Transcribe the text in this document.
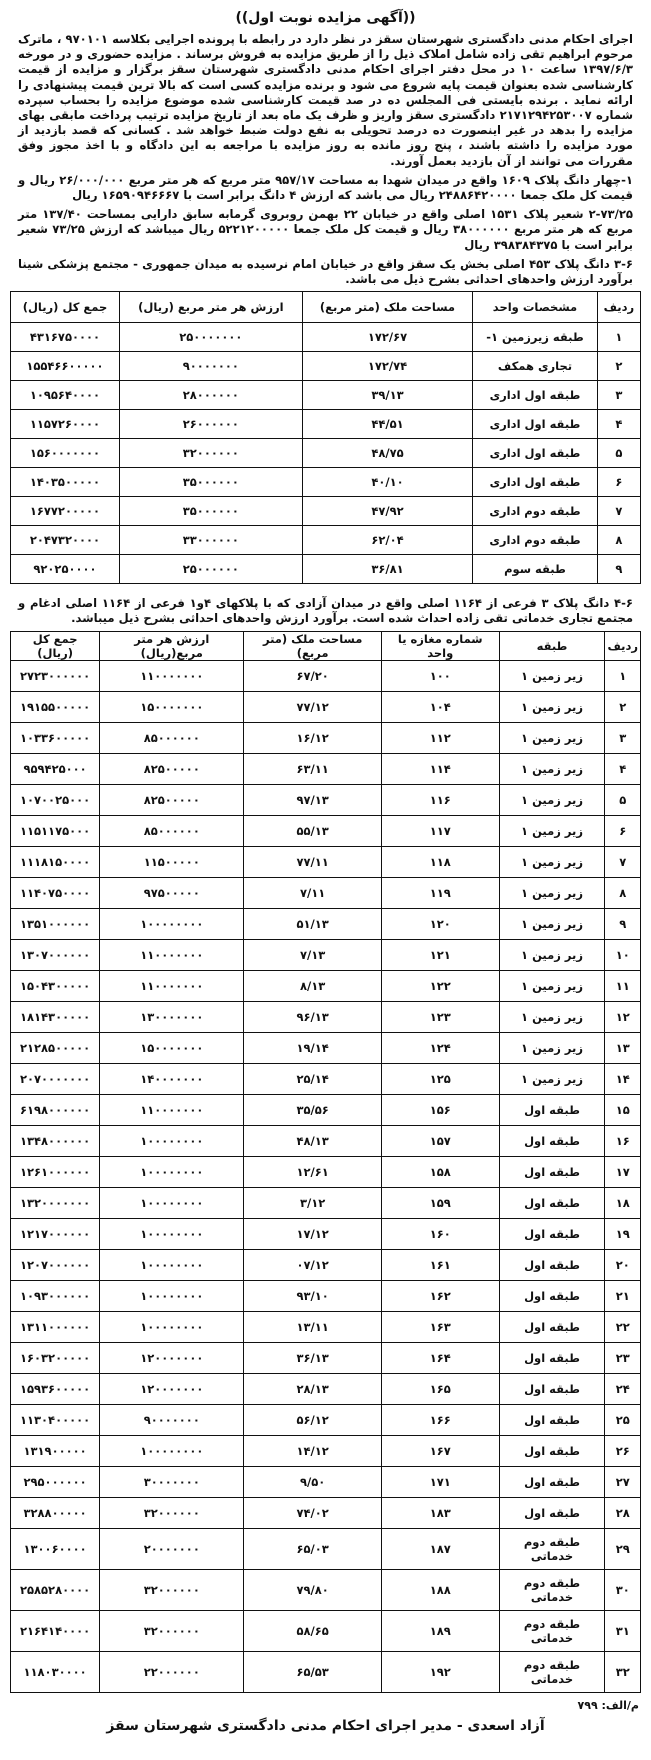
((آگهی مزایده نوبت اول))
اجرای احکام مدنی دادگستری شهرستان سقز در نظر دارد در رابطه با پرونده اجرایی بکلاسه ۹۷۰۱۰۱ ، ماترک مرحوم ابراهیم تقی زاده شامل املاک ذیل را از طریق مزایده به فروش برساند . مزایده حضوری و در مورخه ۱۳۹۷/۶/۳ ساعت ۱۰ در محل دفتر اجرای احکام مدنی دادگستری شهرستان سقز برگزار و مزایده از قیمت کارشناسی شده بعنوان قیمت پایه شروع می شود و برنده مزایده کسی است که بالا ترین قیمت پیشنهادی را ارائه نماید . برنده بایستی فی المجلس ده در صد قیمت کارشناسی شده موضوع مزایده را بحساب سپرده شماره ۲۱۷۱۲۹۴۲۵۳۰۰۷ دادگستری سقز واریز و ظرف یک ماه بعد از تاریخ مزایده ترتیب پرداخت مابقی بهای مزایده را بدهد در غیر اینصورت ده درصد تحویلی به نفع دولت ضبط خواهد شد . کسانی که قصد بازدید از مورد مزایده را داشته باشند ، پنج روز مانده به روز مزایده با مراجعه به این دادگاه و با اخذ مجوز وفق مقررات می توانند از آن بازدید بعمل آورند.
۱-چهار دانگ پلاک ۱۶۰۹ واقع در میدان شهدا به مساحت ۹۵۷/۱۷ متر مربع که هر متر مربع ۲۶/۰۰۰/۰۰۰ ریال و قیمت کل ملک جمعا ۲۴۸۸۶۴۲۰۰۰۰ ریال می باشد که ارزش ۴ دانگ برابر است با ۱۶۵۹۰۹۴۶۶۶۷ ریال
۲-۷۳/۲۵ شعیر پلاک ۱۵۳۱ اصلی واقع در خیابان ۲۲ بهمن روبروی گرمابه سابق دارایی بمساحت ۱۳۷/۴۰ متر مربع که هر متر مربع ۳۸۰۰۰۰۰۰ ریال و قیمت کل ملک جمعا ۵۲۲۱۲۰۰۰۰۰ ریال میباشد که ارزش ۷۳/۲۵ شعیر برابر است با ۳۹۸۳۸۴۳۷۵ ریال
۳-۶ دانگ پلاک ۴۵۳ اصلی بخش یک سقز واقع در خیابان امام نرسیده به میدان جمهوری - مجتمع پزشکی شینا برآورد ارزش واحدهای احداثی بشرح ذیل می باشد.
ردیف	مشخصات واحد	مساحت ملک (متر مربع)	ارزش هر متر مربع (ریال)	جمع کل (ریال)
۱	طبقه زیرزمین ۱-	۱۷۲/۶۷	۲۵۰۰۰۰۰۰۰	۴۳۱۶۷۵۰۰۰۰
۲	تجاری همکف	۱۷۲/۷۴	۹۰۰۰۰۰۰۰	۱۵۵۴۶۶۰۰۰۰۰
۳	طبقه اول اداری	۳۹/۱۳	۲۸۰۰۰۰۰۰	۱۰۹۵۶۴۰۰۰۰
۴	طبقه اول اداری	۴۴/۵۱	۲۶۰۰۰۰۰۰	۱۱۵۷۲۶۰۰۰۰
۵	طبقه اول اداری	۴۸/۷۵	۳۲۰۰۰۰۰۰	۱۵۶۰۰۰۰۰۰۰
۶	طبقه اول اداری	۴۰/۱۰	۳۵۰۰۰۰۰۰	۱۴۰۳۵۰۰۰۰۰
۷	طبقه دوم اداری	۴۷/۹۲	۳۵۰۰۰۰۰۰	۱۶۷۷۲۰۰۰۰۰
۸	طبقه دوم اداری	۶۲/۰۴	۳۳۰۰۰۰۰۰	۲۰۴۷۳۲۰۰۰۰
۹	طبقه سوم	۳۶/۸۱	۲۵۰۰۰۰۰۰	۹۲۰۲۵۰۰۰۰
۴-۶ دانگ پلاک ۳ فرعی از ۱۱۶۴ اصلی واقع در میدان آزادی که با پلاکهای ۴و۱ فرعی از ۱۱۶۴ اصلی ادغام و مجتمع تجاری خدماتی تقی زاده احداث شده است. برآورد ارزش واحدهای احداثی بشرح ذیل میباشد.
ردیف	طبقه	شماره مغازه یا واحد	مساحت ملک (متر مربع)	ارزش هر متر مربع(ریال)	جمع کل (ریال)
۱	زیر زمین ۱	۱۰۰	۶۷/۲۰	۱۱۰۰۰۰۰۰۰	۲۷۲۳۰۰۰۰۰۰
۲	زیر زمین ۱	۱۰۴	۷۷/۱۲	۱۵۰۰۰۰۰۰۰	۱۹۱۵۵۰۰۰۰۰
۳	زیر زمین ۱	۱۱۲	۱۶/۱۲	۸۵۰۰۰۰۰۰	۱۰۳۳۶۰۰۰۰۰
۴	زیر زمین ۱	۱۱۴	۶۳/۱۱	۸۲۵۰۰۰۰۰	۹۵۹۴۲۵۰۰۰
۵	زیر زمین ۱	۱۱۶	۹۷/۱۳	۸۲۵۰۰۰۰۰	۱۰۷۰۰۲۵۰۰۰
۶	زیر زمین ۱	۱۱۷	۵۵/۱۳	۸۵۰۰۰۰۰۰	۱۱۵۱۱۷۵۰۰۰
۷	زیر زمین ۱	۱۱۸	۷۷/۱۱	۱۱۵۰۰۰۰۰	۱۱۱۸۱۵۰۰۰۰
۸	زیر زمین ۱	۱۱۹	۷/۱۱	۹۷۵۰۰۰۰۰	۱۱۴۰۷۵۰۰۰۰
۹	زیر زمین ۱	۱۲۰	۵۱/۱۳	۱۰۰۰۰۰۰۰۰	۱۳۵۱۰۰۰۰۰۰
۱۰	زیر زمین ۱	۱۲۱	۷/۱۳	۱۱۰۰۰۰۰۰۰	۱۳۰۷۰۰۰۰۰۰
۱۱	زیر زمین ۱	۱۲۲	۸/۱۳	۱۱۰۰۰۰۰۰۰	۱۵۰۴۳۰۰۰۰۰
۱۲	زیر زمین ۱	۱۲۳	۹۶/۱۳	۱۳۰۰۰۰۰۰۰	۱۸۱۴۳۰۰۰۰۰
۱۳	زیر زمین ۱	۱۲۴	۱۹/۱۴	۱۵۰۰۰۰۰۰۰	۲۱۲۸۵۰۰۰۰۰
۱۴	زیر زمین ۱	۱۲۵	۲۵/۱۴	۱۴۰۰۰۰۰۰۰	۲۰۷۰۰۰۰۰۰۰
۱۵	طبقه اول	۱۵۶	۳۵/۵۶	۱۱۰۰۰۰۰۰۰	۶۱۹۸۰۰۰۰۰۰
۱۶	طبقه اول	۱۵۷	۴۸/۱۳	۱۰۰۰۰۰۰۰۰	۱۳۴۸۰۰۰۰۰۰
۱۷	طبقه اول	۱۵۸	۱۲/۶۱	۱۰۰۰۰۰۰۰۰	۱۲۶۱۰۰۰۰۰۰
۱۸	طبقه اول	۱۵۹	۳/۱۲	۱۰۰۰۰۰۰۰۰	۱۳۲۰۰۰۰۰۰۰
۱۹	طبقه اول	۱۶۰	۱۷/۱۲	۱۰۰۰۰۰۰۰۰	۱۲۱۷۰۰۰۰۰۰
۲۰	طبقه اول	۱۶۱	۰۷/۱۲	۱۰۰۰۰۰۰۰۰	۱۲۰۷۰۰۰۰۰۰
۲۱	طبقه اول	۱۶۲	۹۳/۱۰	۱۰۰۰۰۰۰۰۰	۱۰۹۳۰۰۰۰۰۰
۲۲	طبقه اول	۱۶۳	۱۳/۱۱	۱۰۰۰۰۰۰۰۰	۱۳۱۱۰۰۰۰۰۰
۲۳	طبقه اول	۱۶۴	۳۶/۱۳	۱۲۰۰۰۰۰۰۰	۱۶۰۳۲۰۰۰۰۰
۲۴	طبقه اول	۱۶۵	۲۸/۱۳	۱۲۰۰۰۰۰۰۰	۱۵۹۳۶۰۰۰۰۰
۲۵	طبقه اول	۱۶۶	۵۶/۱۲	۹۰۰۰۰۰۰۰	۱۱۳۰۴۰۰۰۰۰
۲۶	طبقه اول	۱۶۷	۱۴/۱۲	۱۰۰۰۰۰۰۰۰	۱۳۱۹۰۰۰۰۰
۲۷	طبقه اول	۱۷۱	۹/۵۰	۳۰۰۰۰۰۰۰	۲۹۵۰۰۰۰۰۰
۲۸	طبقه اول	۱۸۳	۷۴/۰۲	۳۲۰۰۰۰۰۰	۳۲۸۸۰۰۰۰۰
۲۹	طبقه دوم خدماتی	۱۸۷	۶۵/۰۳	۲۰۰۰۰۰۰۰	۱۳۰۰۶۰۰۰۰
۳۰	طبقه دوم خدماتی	۱۸۸	۷۹/۸۰	۳۲۰۰۰۰۰۰	۲۵۸۵۲۸۰۰۰۰
۳۱	طبقه دوم خدماتی	۱۸۹	۵۸/۶۵	۳۲۰۰۰۰۰۰	۲۱۶۴۱۴۰۰۰۰
۳۲	طبقه دوم خدماتی	۱۹۲	۶۵/۵۳	۲۲۰۰۰۰۰۰	۱۱۸۰۳۰۰۰۰
م/الف: ۷۹۹
آزاد اسعدی - مدیر اجرای احکام مدنی دادگستری شهرستان سقز
